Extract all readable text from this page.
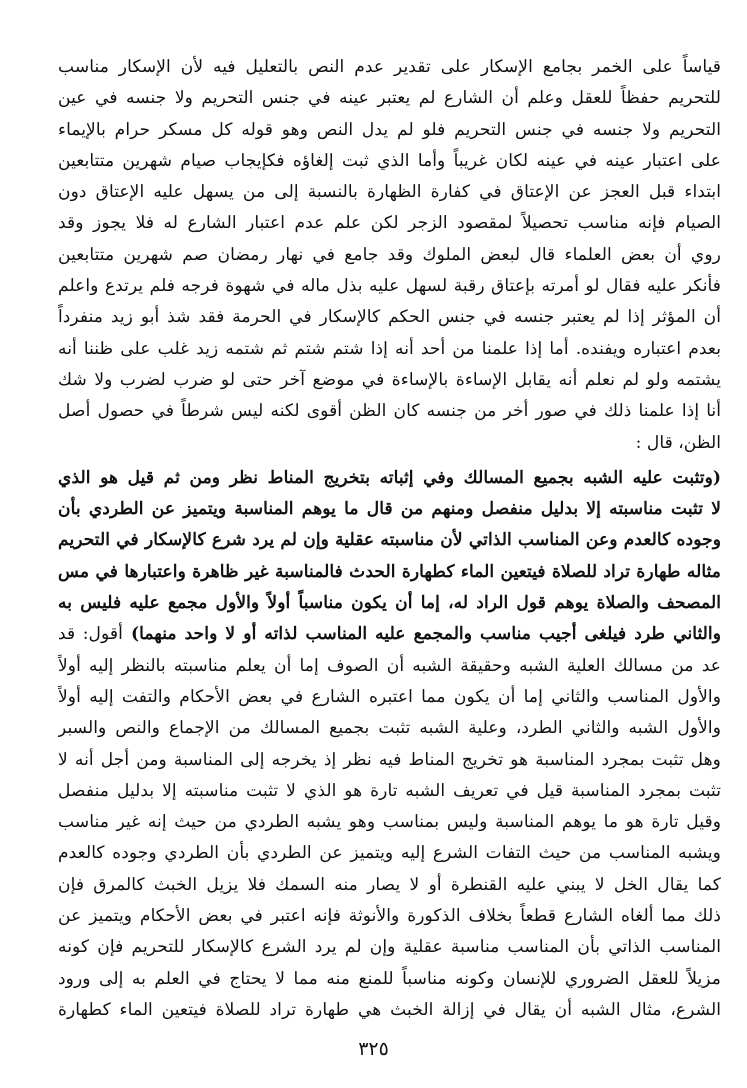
قياساً على الخمر بجامع الإسكار على تقدير عدم النص بالتعليل فيه لأن الإسكار مناسب
للتحريم حفظاً للعقل وعلم أن الشارع لم يعتبر عينه في جنس التحريم ولا جنسه في عين
التحريم ولا جنسه في جنس التحريم فلو لم يدل النص وهو قوله كل مسكر حرام بالإيماء
على اعتبار عينه في عينه لكان غريباً وأما الذي ثبت إلغاؤه فكإيجاب صيام شهرين متتابعين
ابتداء قبل العجز عن الإعتاق في كفارة الظهارة بالنسبة إلى من يسهل عليه الإعتاق دون
الصيام فإنه مناسب تحصيلاً لمقصود الزجر لكن علم عدم اعتبار الشارع له فلا يجوز وقد
روي أن بعض العلماء قال لبعض الملوك وقد جامع في نهار رمضان صم شهرين متتابعين
فأنكر عليه فقال لو أمرته بإعتاق رقبة لسهل عليه بذل ماله في شهوة فرجه فلم يرتدع واعلم
أن المؤثر إذا لم يعتبر جنسه في جنس الحكم كالإسكار في الحرمة فقد شذ أبو زيد منفرداً
بعدم اعتباره ويفنده. أما إذا علمنا من أحد أنه إذا شتم شتم ثم شتمه زيد غلب على ظننا أنه
يشتمه ولو لم نعلم أنه يقابل الإساءة بالإساءة في موضع آخر حتى لو ضرب لضرب ولا شك
أنا إذا علمنا ذلك في صور أخر من جنسه كان الظن أقوى لكنه ليس شرطاً في حصول أصل
الظن، قال :
(وتثبت عليه الشبه بجميع المسالك وفي إثباته بتخريج المناط نظر ومن ثم قيل هو الذي
لا تثبت مناسبته إلا بدليل منفصل ومنهم من قال ما يوهم المناسبة ويتميز عن الطردي بأن
وجوده كالعدم وعن المناسب الذاتي لأن مناسبته عقلية وإن لم يرد شرع كالإسكار في التحريم
مثاله طهارة تراد للصلاة فيتعين الماء كطهارة الحدث فالمناسبة غير ظاهرة واعتبارها في مس
المصحف والصلاة يوهم قول الراد له، إما أن يكون مناسباً أولاً والأول مجمع عليه فليس به
والثاني طرد فيلغى أجيب مناسب والمجمع عليه المناسب لذاته أو لا واحد منهما) أقول: قد
عد من مسالك العلية الشبه وحقيقة الشبه أن الصوف إما أن يعلم مناسبته بالنظر إليه أولاً
والأول المناسب والثاني إما أن يكون مما اعتبره الشارع في بعض الأحكام والتفت إليه أولاً
والأول الشبه والثاني الطرد، وعلية الشبه تثبت بجميع المسالك من الإجماع والنص والسبر
وهل تثبت بمجرد المناسبة هو تخريج المناط فيه نظر إذ يخرجه إلى المناسبة ومن أجل أنه لا
تثبت بمجرد المناسبة قيل في تعريف الشبه تارة هو الذي لا تثبت مناسبته إلا بدليل منفصل
وقيل تارة هو ما يوهم المناسبة وليس بمناسب وهو يشبه الطردي من حيث إنه غير مناسب
ويشبه المناسب من حيث التفات الشرع إليه ويتميز عن الطردي بأن الطردي وجوده كالعدم
كما يقال الخل لا يبني عليه القنطرة أو لا يصار منه السمك فلا يزيل الخبث كالمرق فإن
ذلك مما ألغاه الشارع قطعاً بخلاف الذكورة والأنوثة فإنه اعتبر في بعض الأحكام ويتميز عن
المناسب الذاتي بأن المناسب مناسبة عقلية وإن لم يرد الشرع كالإسكار للتحريم فإن كونه
مزيلاً للعقل الضروري للإنسان وكونه مناسباً للمنع منه مما لا يحتاج في العلم به إلى ورود
الشرع، مثال الشبه أن يقال في إزالة الخبث هي طهارة تراد للصلاة فيتعين الماء كطهارة
٣٢٥
